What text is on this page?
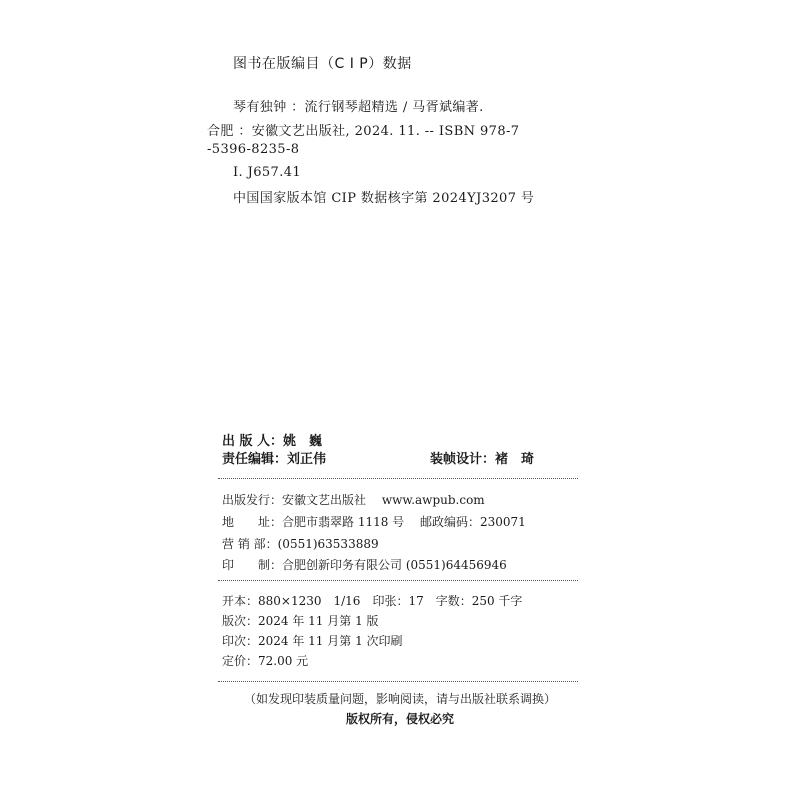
图书在版编目（C I P）数据
琴有独钟 ：流行钢琴超精选 / 马胥斌编著.
合肥 ：安徽文艺出版社, 2024. 11. -- ISBN 978-7
-5396-8235-8
Ⅰ. J657.41
中国国家版本馆 CIP 数据核字第 2024YJ3207 号
出 版 人：姚　巍
责任编辑：刘正伟	装帧设计：褚　琦
出版发行：安徽文艺出版社　 www.awpub.com
地　　址：合肥市翡翠路 1118 号　 邮政编码：230071
营 销 部：(0551)63533889
印　　制：合肥创新印务有限公司 (0551)64456946
开本：880×1230　1/16　印张：17　字数：250 千字
版次：2024 年 11 月第 1 版
印次：2024 年 11 月第 1 次印刷
定价：72.00 元
（如发现印装质量问题，影响阅读，请与出版社联系调换）
版权所有，侵权必究
